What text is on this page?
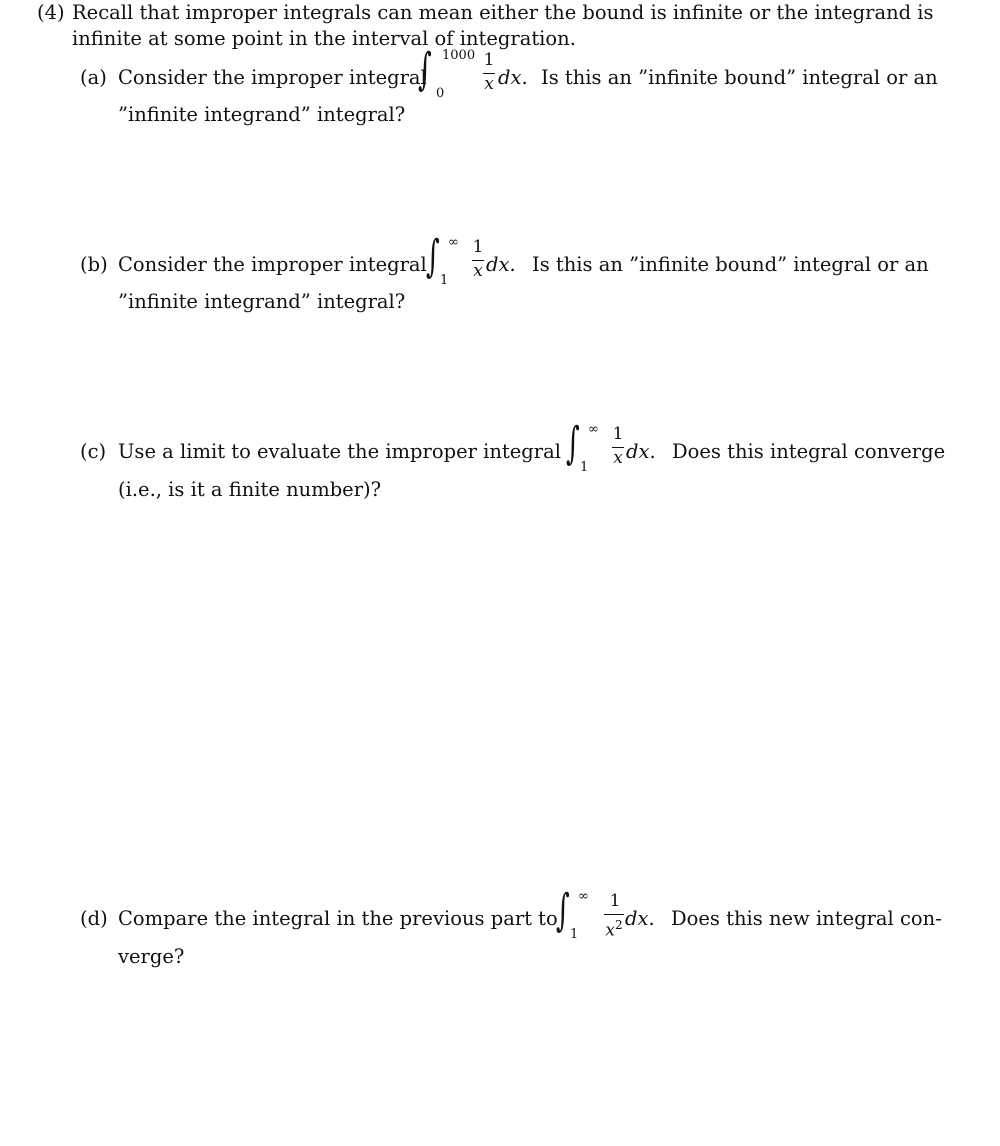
(4) Recall that improper integrals can mean either the bound is infinite or the integrand is
infinite at some point in the interval of integration.
(a) Consider the improper integral
∫ 1000
0
1
x dx. Is this an ”infinite bound” integral or an
”infinite integrand” integral?
(b) Consider the improper integral ∫ ∞
1
1
x dx. Is this an ”infinite bound” integral or an
”infinite integrand” integral?
(c) Use a limit to evaluate the improper integral ∫ ∞
1
1
x dx. Does this integral converge
(i.e., is it a finite number)?
(d) Compare the integral in the previous part to
∫ ∞
1
1
$x^2$ dx. Does this new integral con-
verge?
